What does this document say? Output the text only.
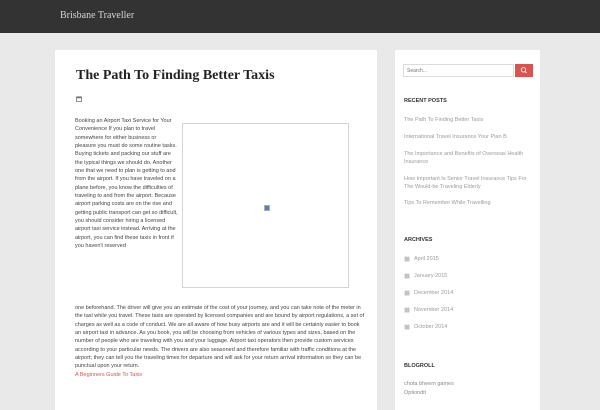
Brisbane Traveller
The Path To Finding Better Taxis

Booking an Airport Taxi Service for Your Convenience If you plan to travel somewhere for either business or pleasure you must do some routine tasks. Buying tickets and packing our stuff are the typical things we should do. Another one that we need to plan is getting to and from the airport. If you have traveled on a plane before, you know the difficulties of traveling to and from the airport. Because airport parking costs are on the rise and getting public transport can get so difficult, you should consider hiring a licensed airport taxi service instead. Arriving at the airport, you can find these taxis in front if you haven't reserved

one beforehand. The driver will give you an estimate of the cost of your journey, and you can take note of the meter in the taxi while you travel. These taxis are operated by licensed companies and are bound by airport regulations, a set of charges as well as a code of conduct. We are all aware of how busy airports are and it will be certainly easier to book an airport taxi in advance. As you book, you will be choosing from vehicles of various types and sizes, based on the number of people who are traveling with you and your luggage. Airport taxi operators then provide custom services according to your particular needs. The drivers are also seasoned and therefore familiar with traffic conditions at the airport; they can tell you the traveling times for departure and will ask for your return arrival information so they can be punctual upon your return.
A Beginners Guide To Taxis

Search...
RECENT POSTS
The Path To Finding Better Taxis
International Travel Insurance Your Plan B
The Importance and Benefits of Overseas Health Insurance
How Important Is Senior Travel Insurance Tips For The Would-be Traveling Elderly
Tips To Remember While Travelling
ARCHIVES
April 2015
January 2015
December 2014
November 2014
October 2014
BLOGROLL
chota bheem games
Optiondit
